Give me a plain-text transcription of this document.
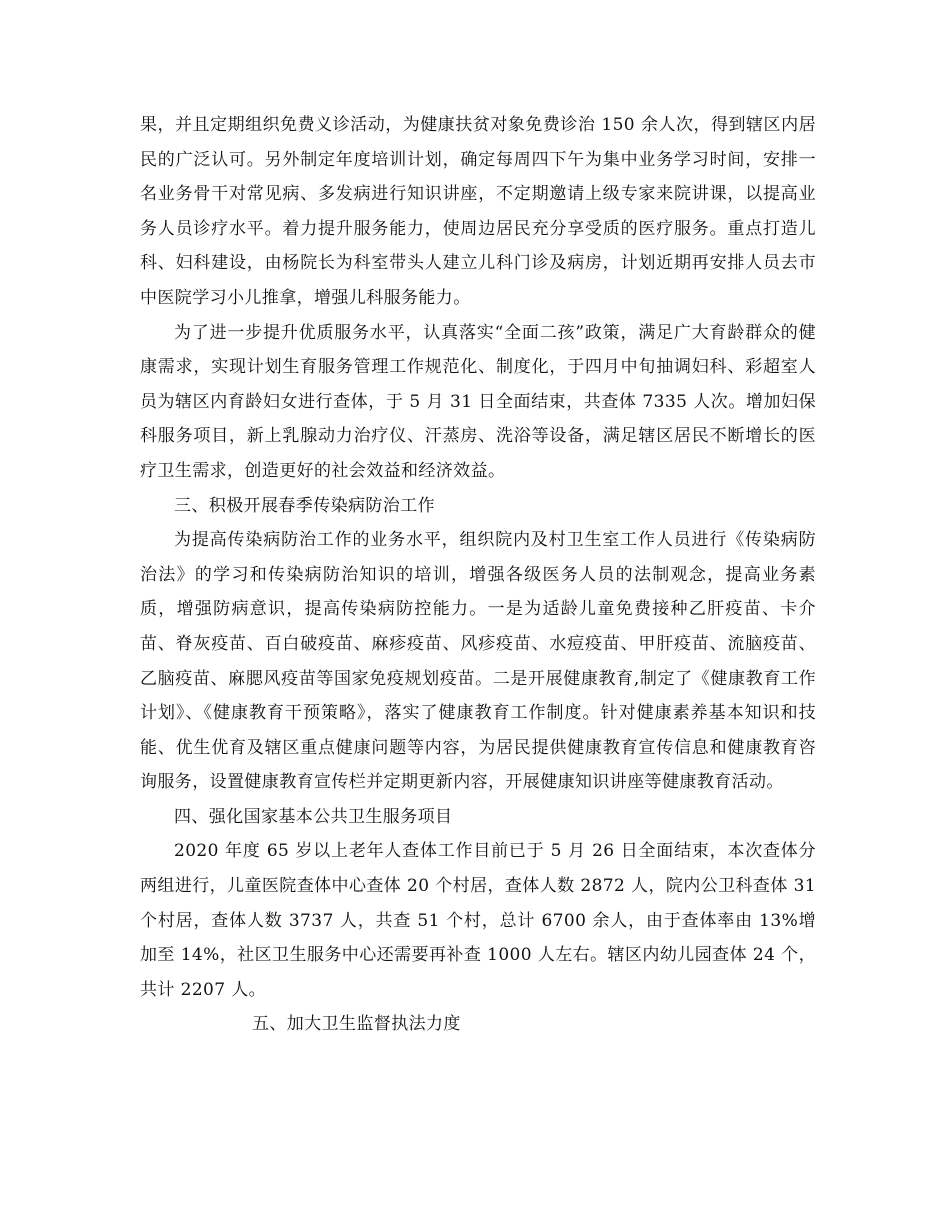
果，并且定期组织免费义诊活动，为健康扶贫对象免费诊治 150 余人次，得到辖区内居民的广泛认可。另外制定年度培训计划，确定每周四下午为集中业务学习时间，安排一名业务骨干对常见病、多发病进行知识讲座，不定期邀请上级专家来院讲课，以提高业务人员诊疗水平。着力提升服务能力，使周边居民充分享受质的医疗服务。重点打造儿科、妇科建设，由杨院长为科室带头人建立儿科门诊及病房，计划近期再安排人员去市中医院学习小儿推拿，增强儿科服务能力。

为了进一步提升优质服务水平，认真落实“全面二孩”政策，满足广大育龄群众的健康需求，实现计划生育服务管理工作规范化、制度化，于四月中旬抽调妇科、彩超室人员为辖区内育龄妇女进行查体，于 5 月 31 日全面结束，共查体 7335 人次。增加妇保科服务项目，新上乳腺动力治疗仪、汗蒸房、洗浴等设备，满足辖区居民不断增长的医疗卫生需求，创造更好的社会效益和经济效益。

三、积极开展春季传染病防治工作

为提高传染病防治工作的业务水平，组织院内及村卫生室工作人员进行《传染病防治法》的学习和传染病防治知识的培训，增强各级医务人员的法制观念，提高业务素质，增强防病意识，提高传染病防控能力。一是为适龄儿童免费接种乙肝疫苗、卡介苗、脊灰疫苗、百白破疫苗、麻疹疫苗、风疹疫苗、水痘疫苗、甲肝疫苗、流脑疫苗、乙脑疫苗、麻腮风疫苗等国家免疫规划疫苗。二是开展健康教育,制定了《健康教育工作计划》、《健康教育干预策略》，落实了健康教育工作制度。针对健康素养基本知识和技能、优生优育及辖区重点健康问题等内容，为居民提供健康教育宣传信息和健康教育咨询服务，设置健康教育宣传栏并定期更新内容，开展健康知识讲座等健康教育活动。

四、强化国家基本公共卫生服务项目

2020 年度 65 岁以上老年人查体工作目前已于 5 月 26 日全面结束，本次查体分两组进行，儿童医院查体中心查体 20 个村居，查体人数 2872 人，院内公卫科查体 31 个村居，查体人数 3737 人，共查 51 个村，总计 6700 余人，由于查体率由 13%增加至 14%，社区卫生服务中心还需要再补查 1000 人左右。辖区内幼儿园查体 24 个，共计 2207 人。

五、加大卫生监督执法力度
